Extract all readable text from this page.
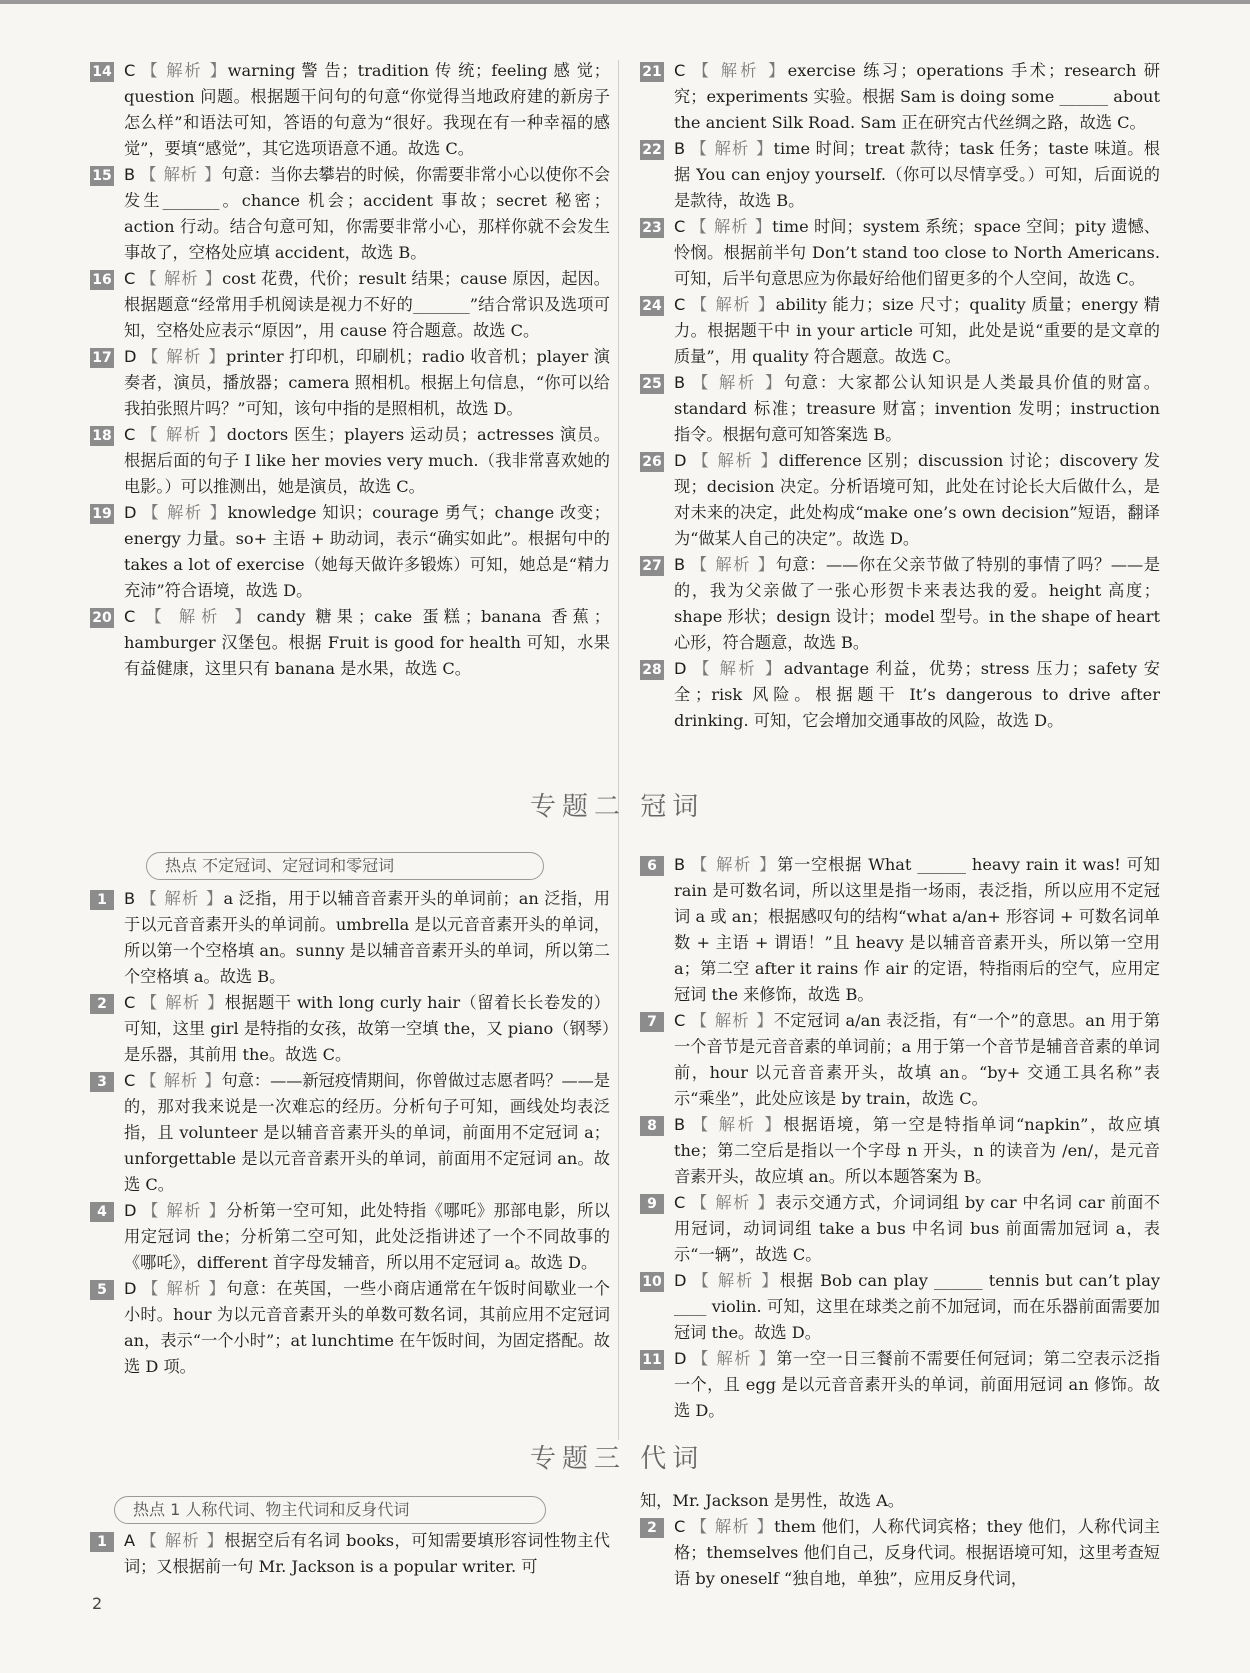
14 C 【 解析 】warning 警 告；tradition 传 统；feeling 感 觉；question 问题。根据题干问句的句意“你觉得当地政府建的新房子怎么样”和语法可知，答语的句意为“很好。我现在有一种幸福的感觉”，要填“感觉”，其它选项语意不通。故选 C。
15 B 【 解析 】句意：当你去攀岩的时候，你需要非常小心以使你不会发生_______。chance 机会；accident 事故；secret 秘密；action 行动。结合句意可知，你需要非常小心，那样你就不会发生事故了，空格处应填 accident，故选 B。
16 C 【 解析 】cost 花费，代价；result 结果；cause 原因，起因。根据题意“经常用手机阅读是视力不好的_______”结合常识及选项可知，空格处应表示“原因”，用 cause 符合题意。故选 C。
17 D 【 解析 】printer 打印机，印刷机；radio 收音机；player 演奏者，演员，播放器；camera 照相机。根据上句信息，“你可以给我拍张照片吗？”可知，该句中指的是照相机，故选 D。
18 C 【 解析 】doctors 医生；players 运动员；actresses 演员。根据后面的句子 I like her movies very much.（我非常喜欢她的电影。）可以推测出，她是演员，故选 C。
19 D 【 解析 】knowledge 知识；courage 勇气；change 改变；energy 力量。so+ 主语 + 助动词，表示“确实如此”。根据句中的 takes a lot of exercise（她每天做许多锻炼）可知，她总是“精力充沛”符合语境，故选 D。
20 C 【 解析 】candy 糖果；cake 蛋糕；banana 香蕉；hamburger 汉堡包。根据 Fruit is good for health 可知，水果有益健康，这里只有 banana 是水果，故选 C。
21 C 【 解析 】exercise 练习；operations 手术；research 研究；experiments 实验。根据 Sam is doing some ______ about the ancient Silk Road. Sam 正在研究古代丝绸之路，故选 C。
22 B 【 解析 】time 时间；treat 款待；task 任务；taste 味道。根据 You can enjoy yourself.（你可以尽情享受。）可知，后面说的是款待，故选 B。
23 C 【 解析 】time 时间；system 系统；space 空间；pity 遗憾、怜悯。根据前半句 Don’t stand too close to North Americans. 可知，后半句意思应为你最好给他们留更多的个人空间，故选 C。
24 C 【 解析 】ability 能力；size 尺寸；quality 质量；energy 精力。根据题干中 in your article 可知，此处是说“重要的是文章的质量”，用 quality 符合题意。故选 C。
25 B 【 解析 】句意：大家都公认知识是人类最具价值的财富。standard 标准；treasure 财富；invention 发明；instruction 指令。根据句意可知答案选 B。
26 D 【 解析 】difference 区别；discussion 讨论；discovery 发现；decision 决定。分析语境可知，此处在讨论长大后做什么，是对未来的决定，此处构成“make one’s own decision”短语，翻译为“做某人自己的决定”。故选 D。
27 B 【 解析 】句意：——你在父亲节做了特别的事情了吗？——是的，我为父亲做了一张心形贺卡来表达我的爱。height 高度；shape 形状；design 设计；model 型号。in the shape of heart 心形，符合题意，故选 B。
28 D 【 解析 】advantage 利益，优势；stress 压力；safety 安全；risk 风险。根据题干 It’s dangerous to drive after drinking. 可知，它会增加交通事故的风险，故选 D。
专题二 冠词
热点 不定冠词、定冠词和零冠词
1	B 【 解析 】a 泛指，用于以辅音音素开头的单词前；an 泛指，用于以元音音素开头的单词前。umbrella 是以元音音素开头的单词，所以第一个空格填 an。sunny 是以辅音音素开头的单词，所以第二个空格填 a。故选 B。
2	C 【 解析 】根据题干 with long curly hair（留着长长卷发的）可知，这里 girl 是特指的女孩，故第一空填 the，又 piano（钢琴）是乐器，其前用 the。故选 C。
3	C 【 解析 】句意：——新冠疫情期间，你曾做过志愿者吗？——是的，那对我来说是一次难忘的经历。分析句子可知，画线处均表泛指，且 volunteer 是以辅音音素开头的单词，前面用不定冠词 a；unforgettable 是以元音音素开头的单词，前面用不定冠词 an。故选 C。
4	D 【 解析 】分析第一空可知，此处特指《哪吒》那部电影，所以用定冠词 the；分析第二空可知，此处泛指讲述了一个不同故事的《哪吒》，different 首字母发辅音，所以用不定冠词 a。故选 D。
5	D 【 解析 】句意：在英国，一些小商店通常在午饭时间歇业一个小时。hour 为以元音音素开头的单数可数名词，其前应用不定冠词 an，表示“一个小时”；at lunchtime 在午饭时间，为固定搭配。故选 D 项。
6	B 【 解析 】第一空根据 What ______ heavy rain it was! 可知 rain 是可数名词，所以这里是指一场雨，表泛指，所以应用不定冠词 a 或 an；根据感叹句的结构“what a/an+ 形容词 + 可数名词单数 + 主语 + 谓语！”且 heavy 是以辅音音素开头，所以第一空用 a；第二空 after it rains 作 air 的定语，特指雨后的空气，应用定冠词 the 来修饰，故选 B。
7	C 【 解析 】不定冠词 a/an 表泛指，有“一个”的意思。an 用于第一个音节是元音音素的单词前；a 用于第一个音节是辅音音素的单词前，hour 以元音音素开头，故填 an。“by+ 交通工具名称”表示“乘坐”，此处应该是 by train，故选 C。
8	B 【 解析 】根据语境，第一空是特指单词“napkin”，故应填 the；第二空后是指以一个字母 n 开头，n 的读音为 /en/，是元音音素开头，故应填 an。所以本题答案为 B。
9	C 【 解析 】表示交通方式，介词词组 by car 中名词 car 前面不用冠词，动词词组 take a bus 中名词 bus 前面需加冠词 a，表示“一辆”，故选 C。
10 D 【 解析 】根据 Bob can play ______ tennis but can’t play ____ violin. 可知，这里在球类之前不加冠词，而在乐器前面需要加冠词 the。故选 D。
11 D 【 解析 】第一空一日三餐前不需要任何冠词；第二空表示泛指一个，且 egg 是以元音音素开头的单词，前面用冠词 an 修饰。故选 D。
专题三 代词
热点 1 人称代词、物主代词和反身代词
1	A 【 解析 】根据空后有名词 books，可知需要填形容词性物主代词；又根据前一句 Mr. Jackson is a popular writer. 可
知，Mr. Jackson 是男性，故选 A。
2	C 【 解析 】them 他们，人称代词宾格；they 他们，人称代词主格；themselves 他们自己，反身代词。根据语境可知，这里考查短语 by oneself “独自地，单独”，应用反身代词，
2
